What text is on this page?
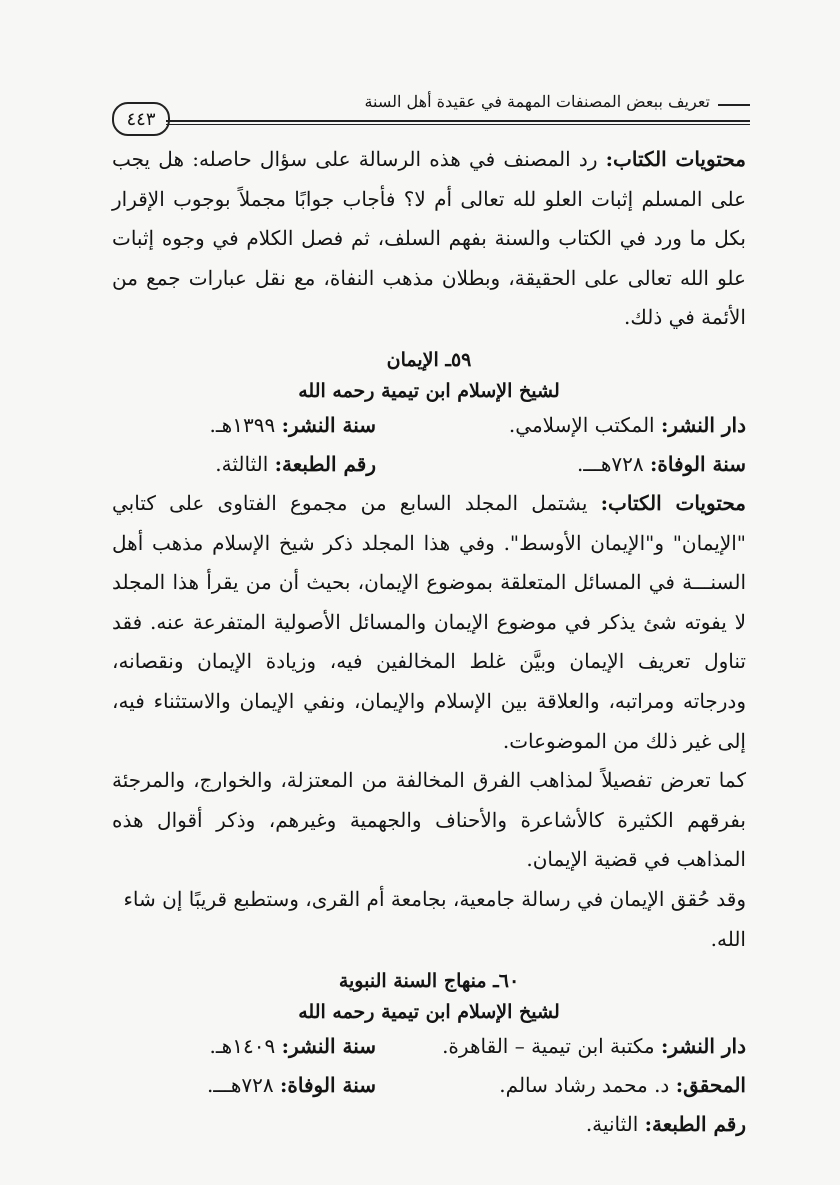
تعريف ببعض المصنفات المهمة في عقيدة أهل السنة
٤٤٣

محتويات الكتاب: رد المصنف في هذه الرسالة على سؤال حاصله: هل يجب على المسلم إثبات العلو لله تعالى أم لا؟ فأجاب جوابًا مجملاً بوجوب الإقرار بكل ما ورد في الكتاب والسنة بفهم السلف، ثم فصل الكلام في وجوه إثبات علو الله تعالى على الحقيقة، وبطلان مذهب النفاة، مع نقل عبارات جمع من الأئمة في ذلك.

٥٩ـ الإيمان

لشيخ الإسلام ابن تيمية رحمه الله

دار النشر: المكتب الإسلامي.
سنة النشر: ١٣٩٩هـ.
سنة الوفاة: ٧٢٨هـــ.
رقم الطبعة: الثالثة.

محتويات الكتاب: يشتمل المجلد السابع من مجموع الفتاوى على كتابي "الإيمان" و"الإيمان الأوسط". وفي هذا المجلد ذكر شيخ الإسلام مذهب أهل السنـــة في المسائل المتعلقة بموضوع الإيمان، بحيث أن من يقرأ هذا المجلد لا يفوته شئ يذكر في موضوع الإيمان والمسائل الأصولية المتفرعة عنه. فقد تناول تعريف الإيمان وبيَّن غلط المخالفين فيه، وزيادة الإيمان ونقصانه، ودرجاته ومراتبه، والعلاقة بين الإسلام والإيمان، ونفي الإيمان والاستثناء فيه، إلى غير ذلك من الموضوعات.

كما تعرض تفصيلاً لمذاهب الفرق المخالفة من المعتزلة، والخوارج، والمرجئة بفرقهم الكثيرة كالأشاعرة والأحناف والجهمية وغيرهم، وذكر أقوال هذه المذاهب في قضية الإيمان.

وقد حُقق الإيمان في رسالة جامعية، بجامعة أم القرى، وستطبع قريبًا إن شاء الله.

٦٠ـ منهاج السنة النبوية

لشيخ الإسلام ابن تيمية رحمه الله

دار النشر: مكتبة ابن تيمية – القاهرة.
سنة النشر: ١٤٠٩هـ.
المحقق: د. محمد رشاد سالم.
سنة الوفاة: ٧٢٨هـــ.
رقم الطبعة: الثانية.
